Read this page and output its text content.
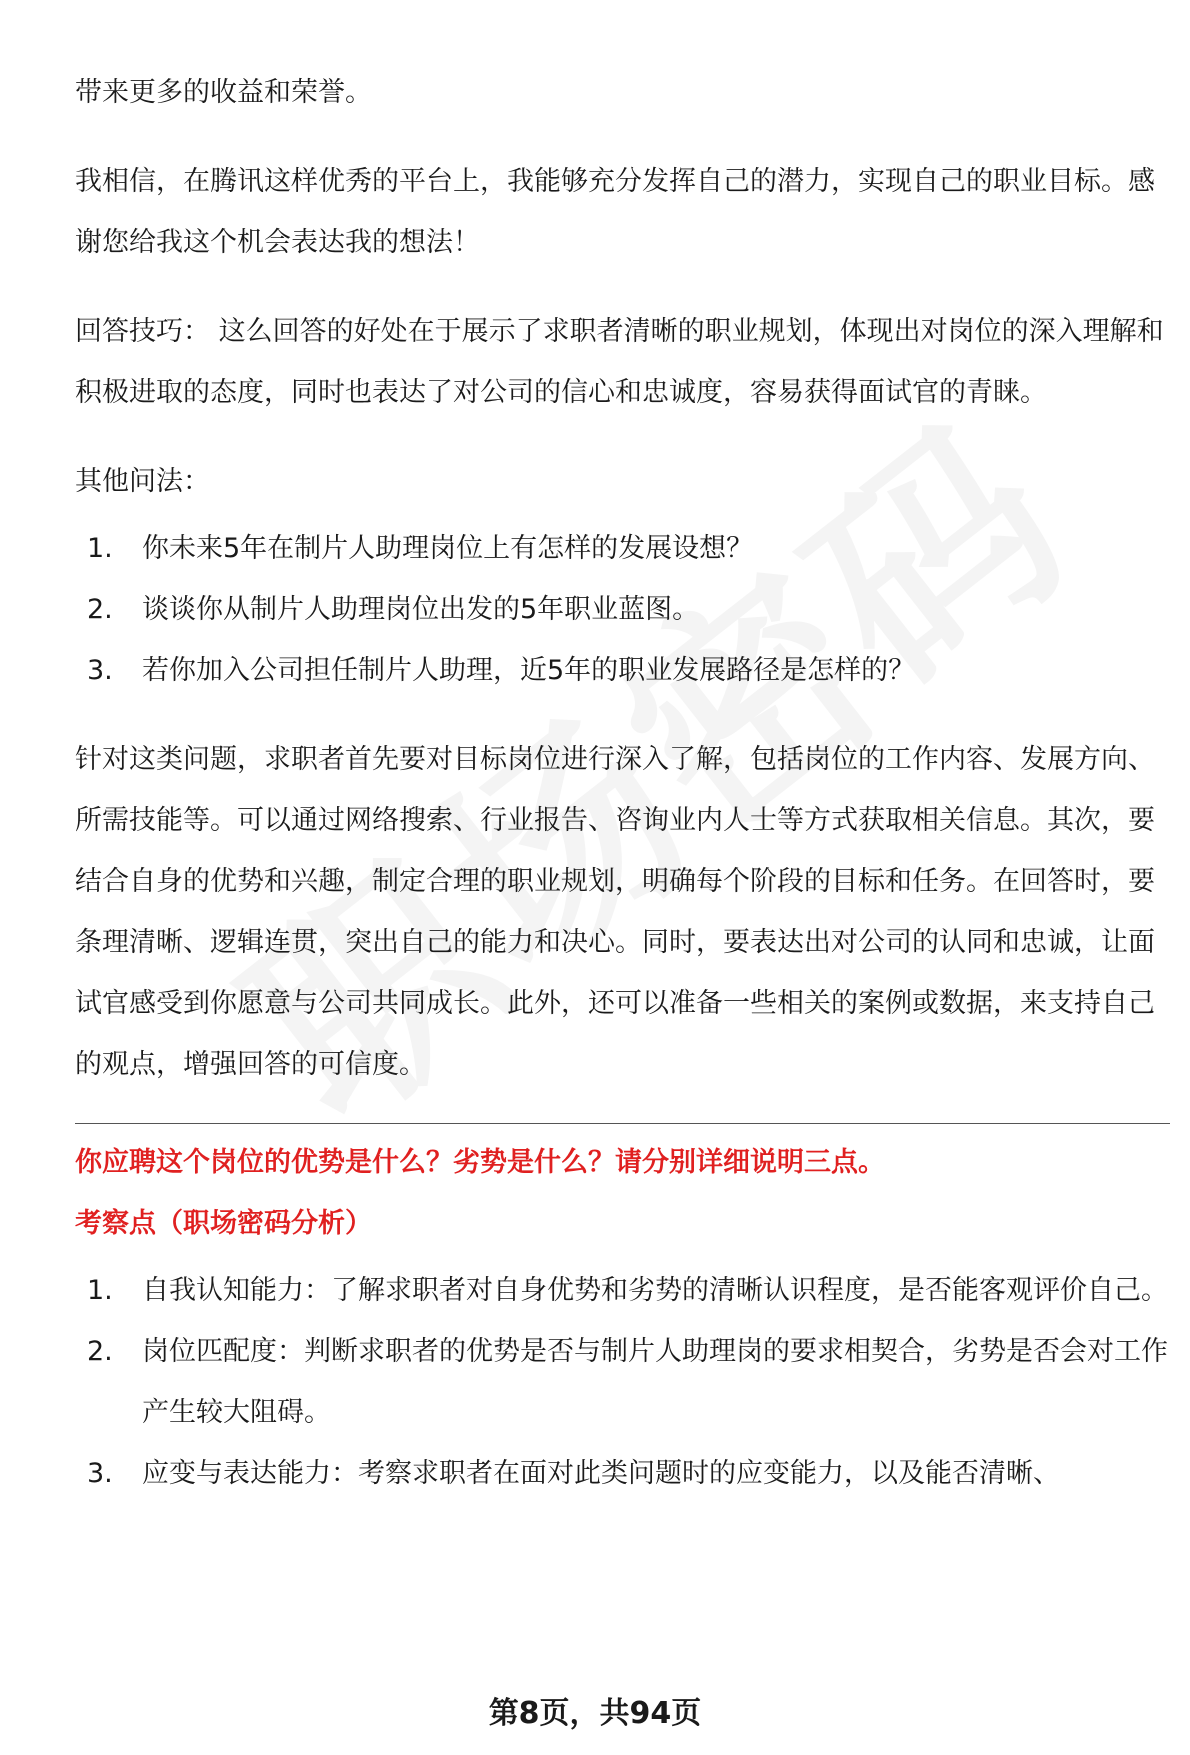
带来更多的收益和荣誉。

我相信，在腾讯这样优秀的平台上，我能够充分发挥自己的潜力，实现自己的职业目标。感谢您给我这个机会表达我的想法！

回答技巧： 这么回答的好处在于展示了求职者清晰的职业规划，体现出对岗位的深入理解和积极进取的态度，同时也表达了对公司的信心和忠诚度，容易获得面试官的青睐。

其他问法：

1.	你未来5年在制片人助理岗位上有怎样的发展设想？
2.	谈谈你从制片人助理岗位出发的5年职业蓝图。
3.	若你加入公司担任制片人助理，近5年的职业发展路径是怎样的？

针对这类问题，求职者首先要对目标岗位进行深入了解，包括岗位的工作内容、发展方向、所需技能等。可以通过网络搜索、行业报告、咨询业内人士等方式获取相关信息。其次，要结合自身的优势和兴趣，制定合理的职业规划，明确每个阶段的目标和任务。在回答时，要条理清晰、逻辑连贯，突出自己的能力和决心。同时，要表达出对公司的认同和忠诚，让面试官感受到你愿意与公司共同成长。此外，还可以准备一些相关的案例或数据，来支持自己的观点，增强回答的可信度。

你应聘这个岗位的优势是什么？劣势是什么？请分别详细说明三点。

考察点（职场密码分析）

1.	自我认知能力：了解求职者对自身优势和劣势的清晰认识程度，是否能客观评价自己。
2.	岗位匹配度：判断求职者的优势是否与制片人助理岗的要求相契合，劣势是否会对工作产生较大阻碍。
3.	应变与表达能力：考察求职者在面对此类问题时的应变能力，以及能否清晰、
第8页，共94页
